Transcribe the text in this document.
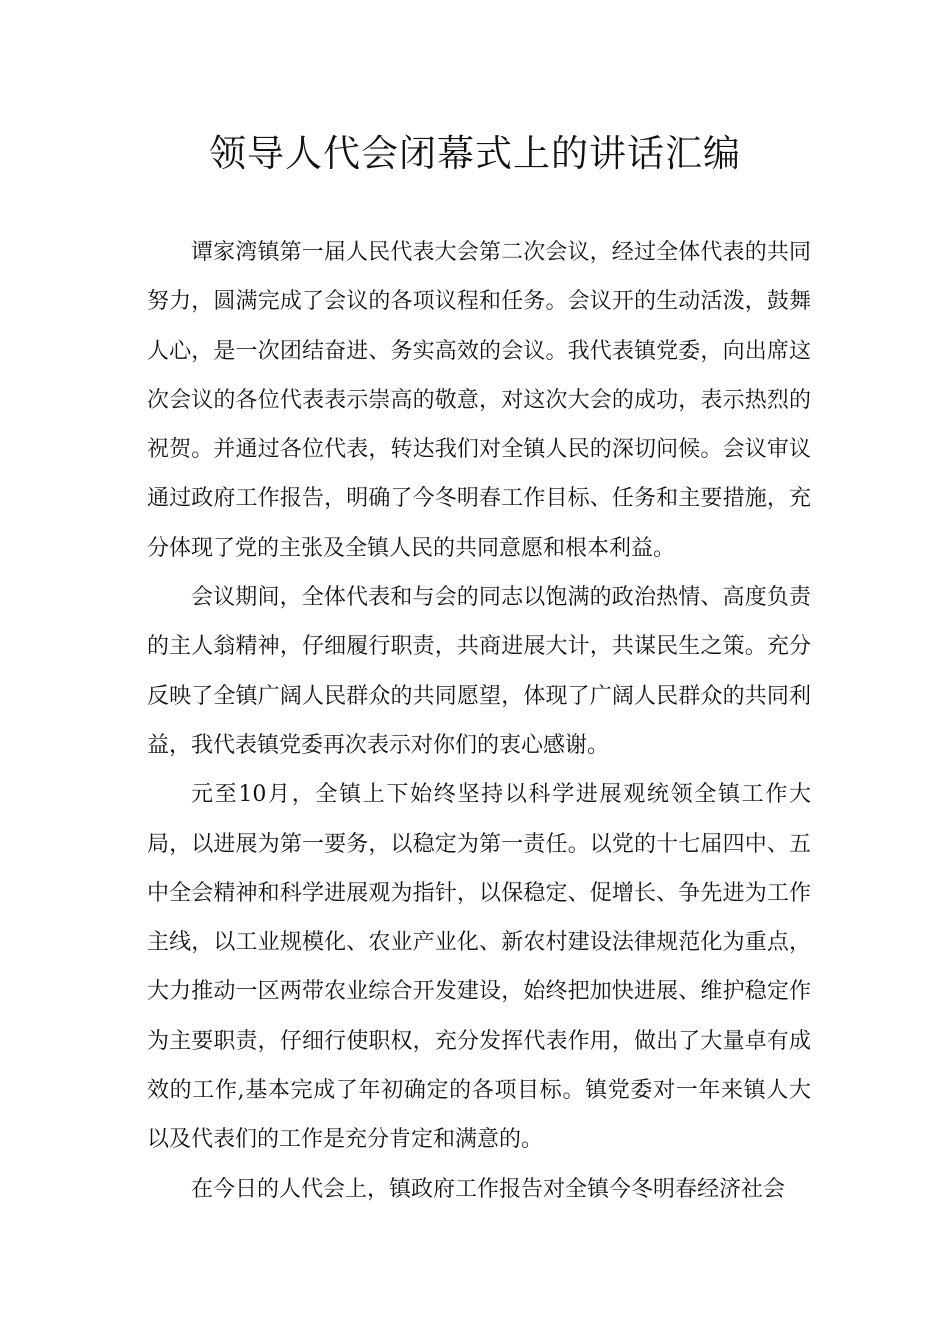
领导人代会闭幕式上的讲话汇编

谭家湾镇第一届人民代表大会第二次会议，经过全体代表的共同努力，圆满完成了会议的各项议程和任务。会议开的生动活泼，鼓舞人心，是一次团结奋进、务实高效的会议。我代表镇党委，向出席这次会议的各位代表表示崇高的敬意，对这次大会的成功，表示热烈的祝贺。并通过各位代表，转达我们对全镇人民的深切问候。会议审议通过政府工作报告，明确了今冬明春工作目标、任务和主要措施，充分体现了党的主张及全镇人民的共同意愿和根本利益。

会议期间，全体代表和与会的同志以饱满的政治热情、高度负责的主人翁精神，仔细履行职责，共商进展大计，共谋民生之策。充分反映了全镇广阔人民群众的共同愿望，体现了广阔人民群众的共同利益，我代表镇党委再次表示对你们的衷心感谢。

元至10月，全镇上下始终坚持以科学进展观统领全镇工作大局，以进展为第一要务，以稳定为第一责任。以党的十七届四中、五中全会精神和科学进展观为指针，以保稳定、促增长、争先进为工作主线，以工业规模化、农业产业化、新农村建设法律规范化为重点，大力推动一区两带农业综合开发建设，始终把加快进展、维护稳定作为主要职责，仔细行使职权，充分发挥代表作用，做出了大量卓有成效的工作,基本完成了年初确定的各项目标。镇党委对一年来镇人大以及代表们的工作是充分肯定和满意的。

在今日的人代会上，镇政府工作报告对全镇今冬明春经济社会
